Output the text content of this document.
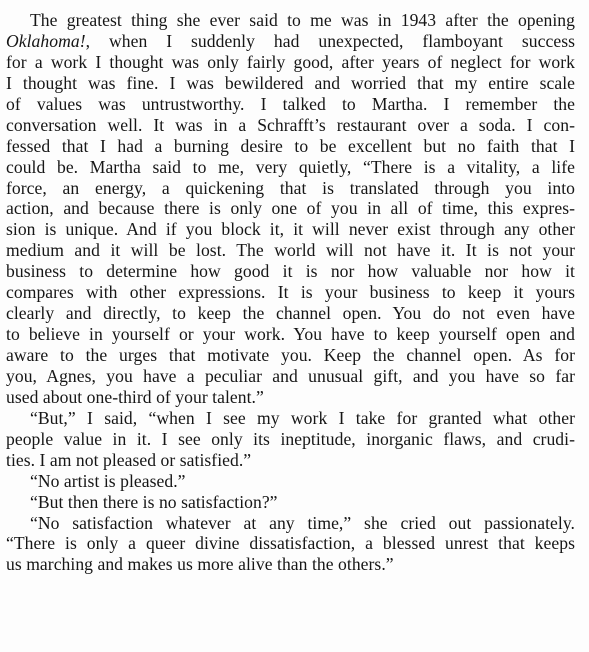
The greatest thing she ever said to me was in 1943 after the opening
Oklahoma!, when I suddenly had unexpected, flamboyant success
for a work I thought was only fairly good, after years of neglect for work
I thought was fine. I was bewildered and worried that my entire scale
of values was untrustworthy. I talked to Martha. I remember the
conversation well. It was in a Schrafft’s restaurant over a soda. I con-
fessed that I had a burning desire to be excellent but no faith that I
could be. Martha said to me, very quietly, “There is a vitality, a life
force, an energy, a quickening that is translated through you into
action, and because there is only one of you in all of time, this expres-
sion is unique. And if you block it, it will never exist through any other
medium and it will be lost. The world will not have it. It is not your
business to determine how good it is nor how valuable nor how it
compares with other expressions. It is your business to keep it yours
clearly and directly, to keep the channel open. You do not even have
to believe in yourself or your work. You have to keep yourself open and
aware to the urges that motivate you. Keep the channel open. As for
you, Agnes, you have a peculiar and unusual gift, and you have so far
used about one-third of your talent.”
“But,” I said, “when I see my work I take for granted what other
people value in it. I see only its ineptitude, inorganic flaws, and crudi-
ties. I am not pleased or satisfied.”
“No artist is pleased.”
“But then there is no satisfaction?”
“No satisfaction whatever at any time,” she cried out passionately.
“There is only a queer divine dissatisfaction, a blessed unrest that keeps
us marching and makes us more alive than the others.”
